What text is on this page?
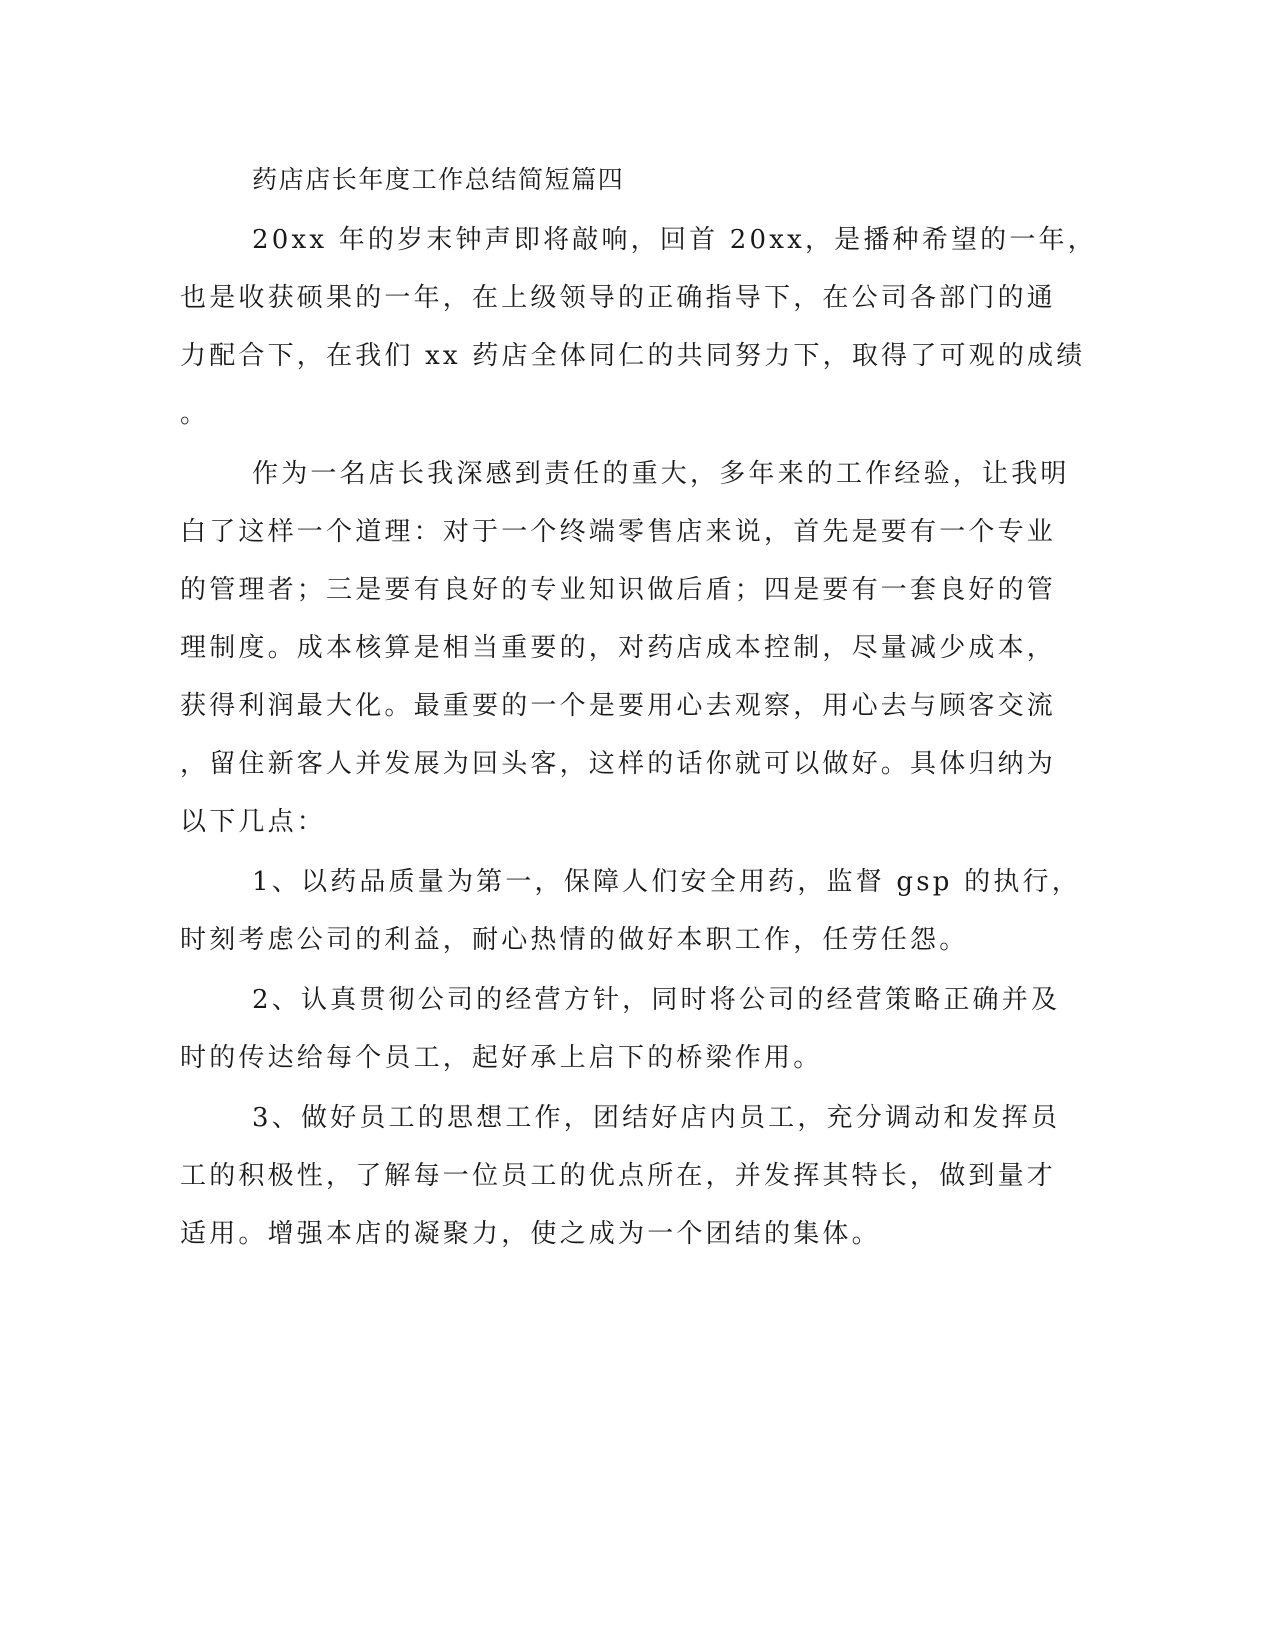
药店店长年度工作总结简短篇四
20xx 年的岁末钟声即将敲响，回首 20xx，是播种希望的一年，
也是收获硕果的一年，在上级领导的正确指导下，在公司各部门的通
力配合下，在我们 xx 药店全体同仁的共同努力下，取得了可观的成绩
。
作为一名店长我深感到责任的重大，多年来的工作经验，让我明
白了这样一个道理：对于一个终端零售店来说，首先是要有一个专业
的管理者；三是要有良好的专业知识做后盾；四是要有一套良好的管
理制度。成本核算是相当重要的，对药店成本控制，尽量减少成本，
获得利润最大化。最重要的一个是要用心去观察，用心去与顾客交流
，留住新客人并发展为回头客，这样的话你就可以做好。具体归纳为
以下几点：
1、以药品质量为第一，保障人们安全用药，监督 gsp 的执行，
时刻考虑公司的利益，耐心热情的做好本职工作，任劳任怨。
2、认真贯彻公司的经营方针，同时将公司的经营策略正确并及
时的传达给每个员工，起好承上启下的桥梁作用。
3、做好员工的思想工作，团结好店内员工，充分调动和发挥员
工的积极性，了解每一位员工的优点所在，并发挥其特长，做到量才
适用。增强本店的凝聚力，使之成为一个团结的集体。
